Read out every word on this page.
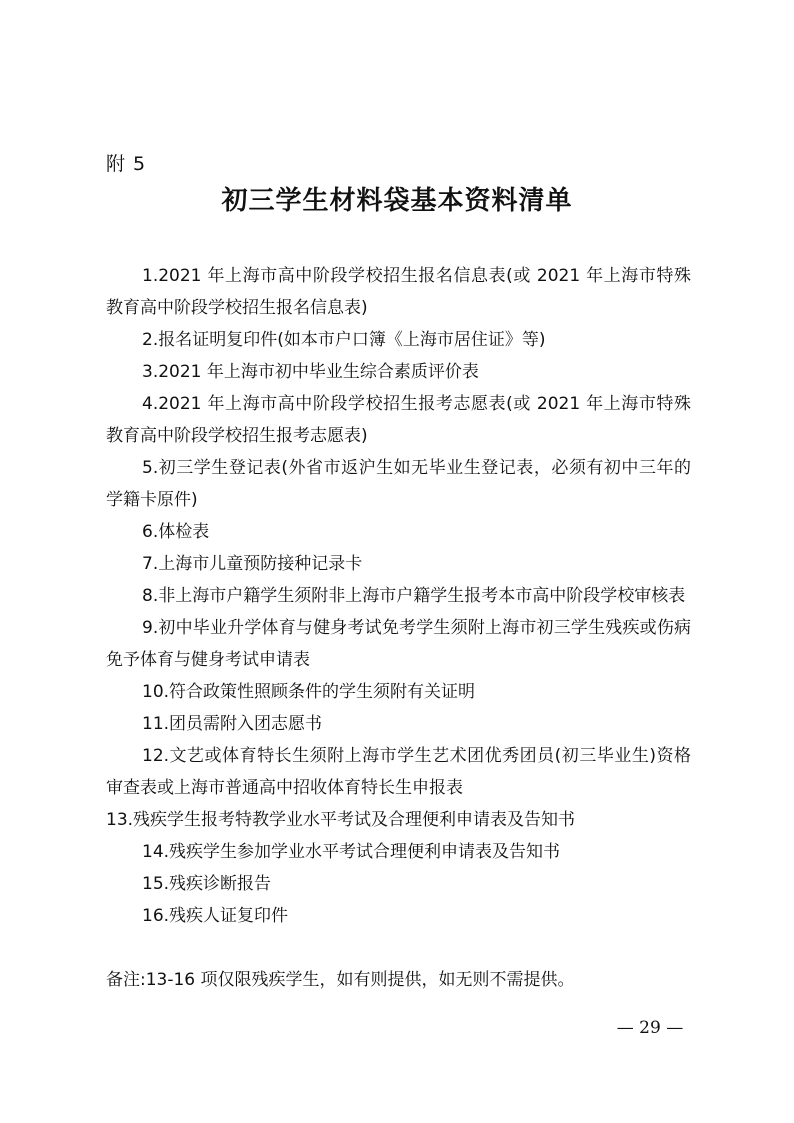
附 5
初三学生材料袋基本资料清单

1.2021 年上海市高中阶段学校招生报名信息表(或 2021 年上海市特殊教育高中阶段学校招生报名信息表)

2.报名证明复印件(如本市户口簿《上海市居住证》等)

3.2021 年上海市初中毕业生综合素质评价表

4.2021 年上海市高中阶段学校招生报考志愿表(或 2021 年上海市特殊教育高中阶段学校招生报考志愿表)

5.初三学生登记表(外省市返沪生如无毕业生登记表，必须有初中三年的学籍卡原件)

6.体检表

7.上海市儿童预防接种记录卡

8.非上海市户籍学生须附非上海市户籍学生报考本市高中阶段学校审核表

9.初中毕业升学体育与健身考试免考学生须附上海市初三学生残疾或伤病免予体育与健身考试申请表

10.符合政策性照顾条件的学生须附有关证明

11.团员需附入团志愿书

12.文艺或体育特长生须附上海市学生艺术团优秀团员(初三毕业生)资格审查表或上海市普通高中招收体育特长生申报表

13.残疾学生报考特教学业水平考试及合理便利申请表及告知书

14.残疾学生参加学业水平考试合理便利申请表及告知书

15.残疾诊断报告

16.残疾人证复印件

备注:13-16 项仅限残疾学生，如有则提供，如无则不需提供。
— 29 —
